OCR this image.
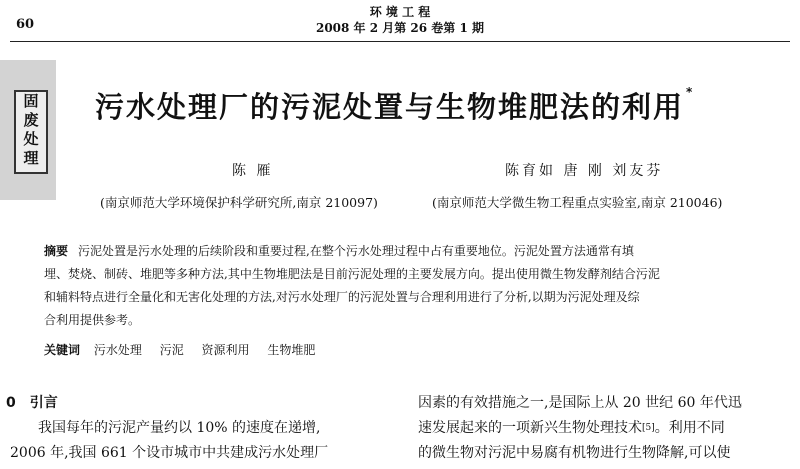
60
环 境 工 程
2008 年 2 月第 26 卷第 1 期
固
废
处
理
污水处理厂的污泥处置与生物堆肥法的利用 *
陈 雁	陈育如 唐 刚 刘友芬
(南京师范大学环境保护科学研究所,南京 210097)	(南京师范大学微生物工程重点实验室,南京 210046)
摘要 污泥处置是污水处理的后续阶段和重要过程,在整个污水处理过程中占有重要地位。污泥处置方法通常有填
埋、焚烧、制砖、堆肥等多种方法,其中生物堆肥法是目前污泥处理的主要发展方向。提出使用微生物发酵剂结合污泥
和辅料特点进行全量化和无害化处理的方法,对污水处理厂的污泥处置与合理利用进行了分析,以期为污泥处理及综
合利用提供参考。
关键词 污水处理 污泥 资源利用 生物堆肥
0 引言
我国每年的污泥产量约以 10% 的速度在递增,
2006 年,我国 661 个设市城市中共建成污水处理厂
因素的有效措施之一,是国际上从 20 世纪 60 年代迅
速发展起来的一项新兴生物处理技术[5]。利用不同
的微生物对污泥中易腐有机物进行生物降解,可以使
